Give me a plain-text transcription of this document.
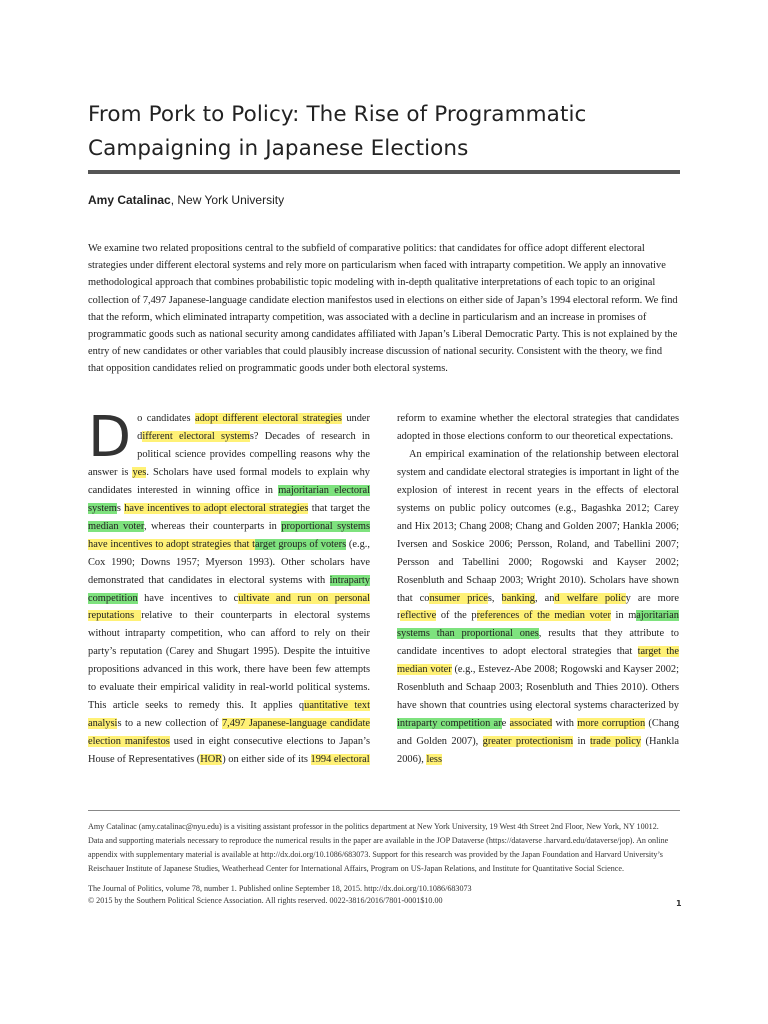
From Pork to Policy: The Rise of Programmatic Campaigning in Japanese Elections
Amy Catalinac, New York University
We examine two related propositions central to the subfield of comparative politics: that candidates for office adopt different electoral strategies under different electoral systems and rely more on particularism when faced with intraparty competition. We apply an innovative methodological approach that combines probabilistic topic modeling with in-depth qualitative interpretations of each topic to an original collection of 7,497 Japanese-language candidate election manifestos used in elections on either side of Japan’s 1994 electoral reform. We find that the reform, which eliminated intraparty competition, was associated with a decline in particularism and an increase in promises of programmatic goods such as national security among candidates affiliated with Japan’s Liberal Democratic Party. This is not explained by the entry of new candidates or other variables that could plausibly increase discussion of national security. Consistent with the theory, we find that opposition candidates relied on programmatic goods under both electoral systems.
Do candidates adopt different electoral strategies under different electoral systems? Decades of research in political science provides compelling reasons why the answer is yes. Scholars have used formal models to explain why candidates interested in winning office in majoritarian electoral systems have incentives to adopt electoral strategies that target the median voter, whereas their counterparts in proportional systems have incentives to adopt strategies that target groups of voters (e.g., Cox 1990; Downs 1957; Myerson 1993). Other scholars have demonstrated that candidates in electoral systems with intraparty competition have incentives to cultivate and run on personal reputations relative to their counterparts in electoral systems without intraparty competition, who can afford to rely on their party’s reputation (Carey and Shugart 1995). Despite the intuitive propositions advanced in this work, there have been few attempts to evaluate their empirical validity in real-world political systems. This article seeks to remedy this. It applies quantitative text analysis to a new collection of 7,497 Japanese-language candidate election manifestos used in eight consecutive elections to Japan’s House of Representatives (HOR) on either side of its 1994 electoral

reform to examine whether the electoral strategies that candidates adopted in those elections conform to our theoretical expectations.

An empirical examination of the relationship between electoral system and candidate electoral strategies is important in light of the explosion of interest in recent years in the effects of electoral systems on public policy outcomes (e.g., Bagashka 2012; Carey and Hix 2013; Chang 2008; Chang and Golden 2007; Hankla 2006; Iversen and Soskice 2006; Persson, Roland, and Tabellini 2007; Persson and Tabellini 2000; Rogowski and Kayser 2002; Rosenbluth and Schaap 2003; Wright 2010). Scholars have shown that consumer prices, banking, and welfare policy are more reflective of the preferences of the median voter in majoritarian systems than proportional ones, results that they attribute to candidate incentives to adopt electoral strategies that target the median voter (e.g., Estevez-Abe 2008; Rogowski and Kayser 2002; Rosenbluth and Schaap 2003; Rosenbluth and Thies 2010). Others have shown that countries using electoral systems characterized by intraparty competition are associated with more corruption (Chang and Golden 2007), greater protectionism in trade policy (Hankla 2006), less

Amy Catalinac (amy.catalinac@nyu.edu) is a visiting assistant professor in the politics department at New York University, 19 West 4th Street 2nd Floor, New York, NY 10012.

Data and supporting materials necessary to reproduce the numerical results in the paper are available in the JOP Dataverse (https://dataverse .harvard.edu/dataverse/jop). An online appendix with supplementary material is available at http://dx.doi.org/10.1086/683073. Support for this research was provided by the Japan Foundation and Harvard University’s Reischauer Institute of Japanese Studies, Weatherhead Center for International Affairs, Program on US-Japan Relations, and Institute for Quantitative Social Science.

The Journal of Politics, volume 78, number 1. Published online September 18, 2015. http://dx.doi.org/10.1086/683073
© 2015 by the Southern Political Science Association. All rights reserved. 0022-3816/2016/7801-0001$10.00	1
